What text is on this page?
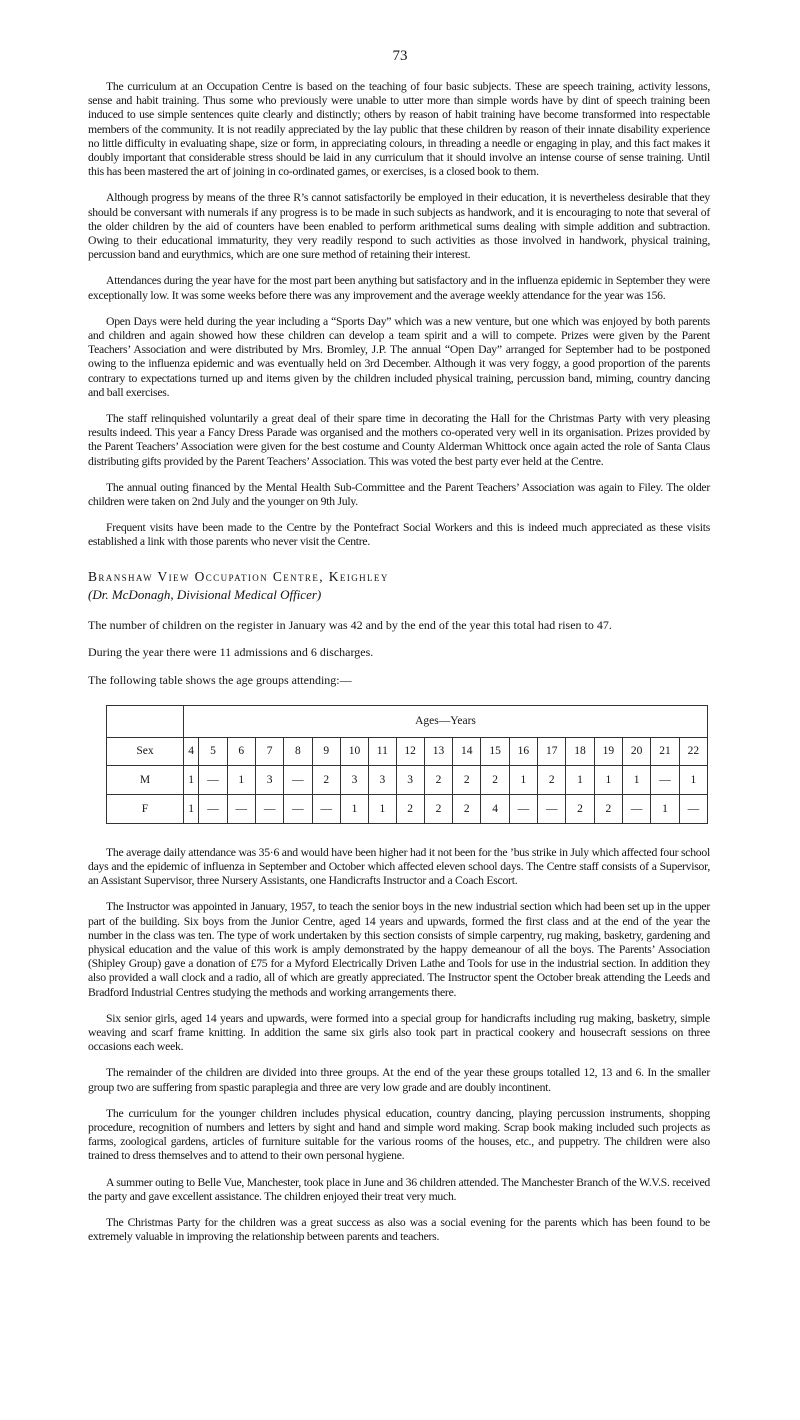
73

The curriculum at an Occupation Centre is based on the teaching of four basic subjects. These are speech training, activity lessons, sense and habit training. Thus some who previously were unable to utter more than simple words have by dint of speech training been induced to use simple sentences quite clearly and distinctly; others by reason of habit training have become transformed into respectable members of the community. It is not readily appreciated by the lay public that these children by reason of their innate disability experience no little difficulty in evaluating shape, size or form, in appreciating colours, in threading a needle or engaging in play, and this fact makes it doubly important that considerable stress should be laid in any curriculum that it should involve an intense course of sense training. Until this has been mastered the art of joining in co-ordinated games, or exercises, is a closed book to them.

Although progress by means of the three R’s cannot satisfactorily be employed in their education, it is nevertheless desirable that they should be conversant with numerals if any progress is to be made in such subjects as handwork, and it is encouraging to note that several of the older children by the aid of counters have been enabled to perform arithmetical sums dealing with simple addition and subtraction. Owing to their educational immaturity, they very readily respond to such activities as those involved in handwork, physical training, percussion band and eurythmics, which are one sure method of retaining their interest.

Attendances during the year have for the most part been anything but satisfactory and in the influenza epidemic in September they were exceptionally low. It was some weeks before there was any improvement and the average weekly attendance for the year was 156.

Open Days were held during the year including a “Sports Day” which was a new venture, but one which was enjoyed by both parents and children and again showed how these children can develop a team spirit and a will to compete. Prizes were given by the Parent Teachers’ Association and were distributed by Mrs. Bromley, J.P. The annual “Open Day” arranged for September had to be postponed owing to the influenza epidemic and was eventually held on 3rd December. Although it was very foggy, a good proportion of the parents contrary to expectations turned up and items given by the children included physical training, percussion band, miming, country dancing and ball exercises.

The staff relinquished voluntarily a great deal of their spare time in decorating the Hall for the Christmas Party with very pleasing results indeed. This year a Fancy Dress Parade was organised and the mothers co-operated very well in its organisation. Prizes provided by the Parent Teachers’ Association were given for the best costume and County Alderman Whittock once again acted the role of Santa Claus distributing gifts provided by the Parent Teachers’ Association. This was voted the best party ever held at the Centre.

The annual outing financed by the Mental Health Sub-Committee and the Parent Teachers’ Association was again to Filey. The older children were taken on 2nd July and the younger on 9th July.

Frequent visits have been made to the Centre by the Pontefract Social Workers and this is indeed much appreciated as these visits established a link with those parents who never visit the Centre.

Branshaw View Occupation Centre, Keighley
(Dr. McDonagh, Divisional Medical Officer)

The number of children on the register in January was 42 and by the end of the year this total had risen to 47.

During the year there were 11 admissions and 6 discharges.

The following table shows the age groups attending:—

	Ages—Years																		
Sex	4	5	6	7	8	9	10	11	12	13	14	15	16	17	18	19	20	21	22
M	1	—	1	3	—	2	3	3	3	2	2	2	1	2	1	1	1	—	1
F	1	—	—	—	—	—	1	1	2	2	2	4	—	—	2	2	—	1	—

The average daily attendance was 35·6 and would have been higher had it not been for the ’bus strike in July which affected four school days and the epidemic of influenza in September and October which affected eleven school days. The Centre staff consists of a Supervisor, an Assistant Supervisor, three Nursery Assistants, one Handicrafts Instructor and a Coach Escort.

The Instructor was appointed in January, 1957, to teach the senior boys in the new industrial section which had been set up in the upper part of the building. Six boys from the Junior Centre, aged 14 years and upwards, formed the first class and at the end of the year the number in the class was ten. The type of work undertaken by this section consists of simple carpentry, rug making, basketry, gardening and physical education and the value of this work is amply demonstrated by the happy demeanour of all the boys. The Parents’ Association (Shipley Group) gave a donation of £75 for a Myford Electrically Driven Lathe and Tools for use in the industrial section. In addition they also provided a wall clock and a radio, all of which are greatly appreciated. The Instructor spent the October break attending the Leeds and Bradford Industrial Centres studying the methods and working arrangements there.

Six senior girls, aged 14 years and upwards, were formed into a special group for handicrafts including rug making, basketry, simple weaving and scarf frame knitting. In addition the same six girls also took part in practical cookery and housecraft sessions on three occasions each week.

The remainder of the children are divided into three groups. At the end of the year these groups totalled 12, 13 and 6. In the smaller group two are suffering from spastic paraplegia and three are very low grade and are doubly incontinent.

The curriculum for the younger children includes physical education, country dancing, playing percussion instruments, shopping procedure, recognition of numbers and letters by sight and hand and simple word making. Scrap book making included such projects as farms, zoological gardens, articles of furniture suitable for the various rooms of the houses, etc., and puppetry. The children were also trained to dress themselves and to attend to their own personal hygiene.

A summer outing to Belle Vue, Manchester, took place in June and 36 children attended. The Manchester Branch of the W.V.S. received the party and gave excellent assistance. The children enjoyed their treat very much.

The Christmas Party for the children was a great success as also was a social evening for the parents which has been found to be extremely valuable in improving the relationship between parents and teachers.
